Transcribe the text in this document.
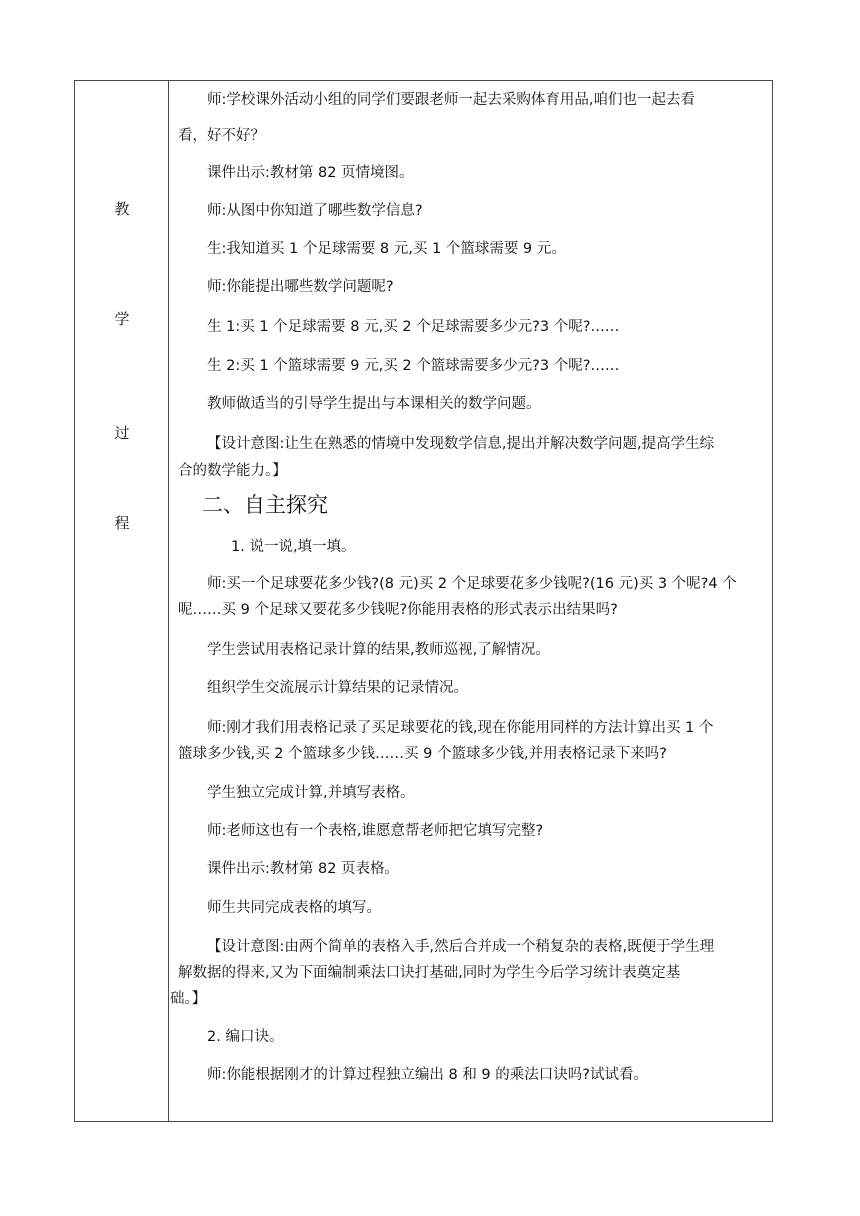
教
学
过
程
师:学校课外活动小组的同学们要跟老师一起去采购体育用品,咱们也一起去看
看，好不好？
课件出示:教材第 82 页情境图。
师:从图中你知道了哪些数学信息?
生:我知道买 1 个足球需要 8 元,买 1 个篮球需要 9 元。
师:你能提出哪些数学问题呢?
生 1:买 1 个足球需要 8 元,买 2 个足球需要多少元?3 个呢?……
生 2:买 1 个篮球需要 9 元,买 2 个篮球需要多少元?3 个呢?……
教师做适当的引导学生提出与本课相关的数学问题。
【设计意图:让生在熟悉的情境中发现数学信息,提出并解决数学问题,提高学生综
合的数学能力。】
二、自主探究
1. 说一说,填一填。
师:买一个足球要花多少钱?(8 元)买 2 个足球要花多少钱呢?(16 元)买 3 个呢?4 个
呢……买 9 个足球又要花多少钱呢?你能用表格的形式表示出结果吗?
学生尝试用表格记录计算的结果,教师巡视,了解情况。
组织学生交流展示计算结果的记录情况。
师:刚才我们用表格记录了买足球要花的钱,现在你能用同样的方法计算出买 1 个
篮球多少钱,买 2 个篮球多少钱……买 9 个篮球多少钱,并用表格记录下来吗?
学生独立完成计算,并填写表格。
师:老师这也有一个表格,谁愿意帮老师把它填写完整?
课件出示:教材第 82 页表格。
师生共同完成表格的填写。
【设计意图:由两个简单的表格入手,然后合并成一个稍复杂的表格,既便于学生理
解数据的得来,又为下面编制乘法口诀打基础,同时为学生今后学习统计表奠定基
础。】
2. 编口诀。
师:你能根据刚才的计算过程独立编出 8 和 9 的乘法口诀吗?试试看。
